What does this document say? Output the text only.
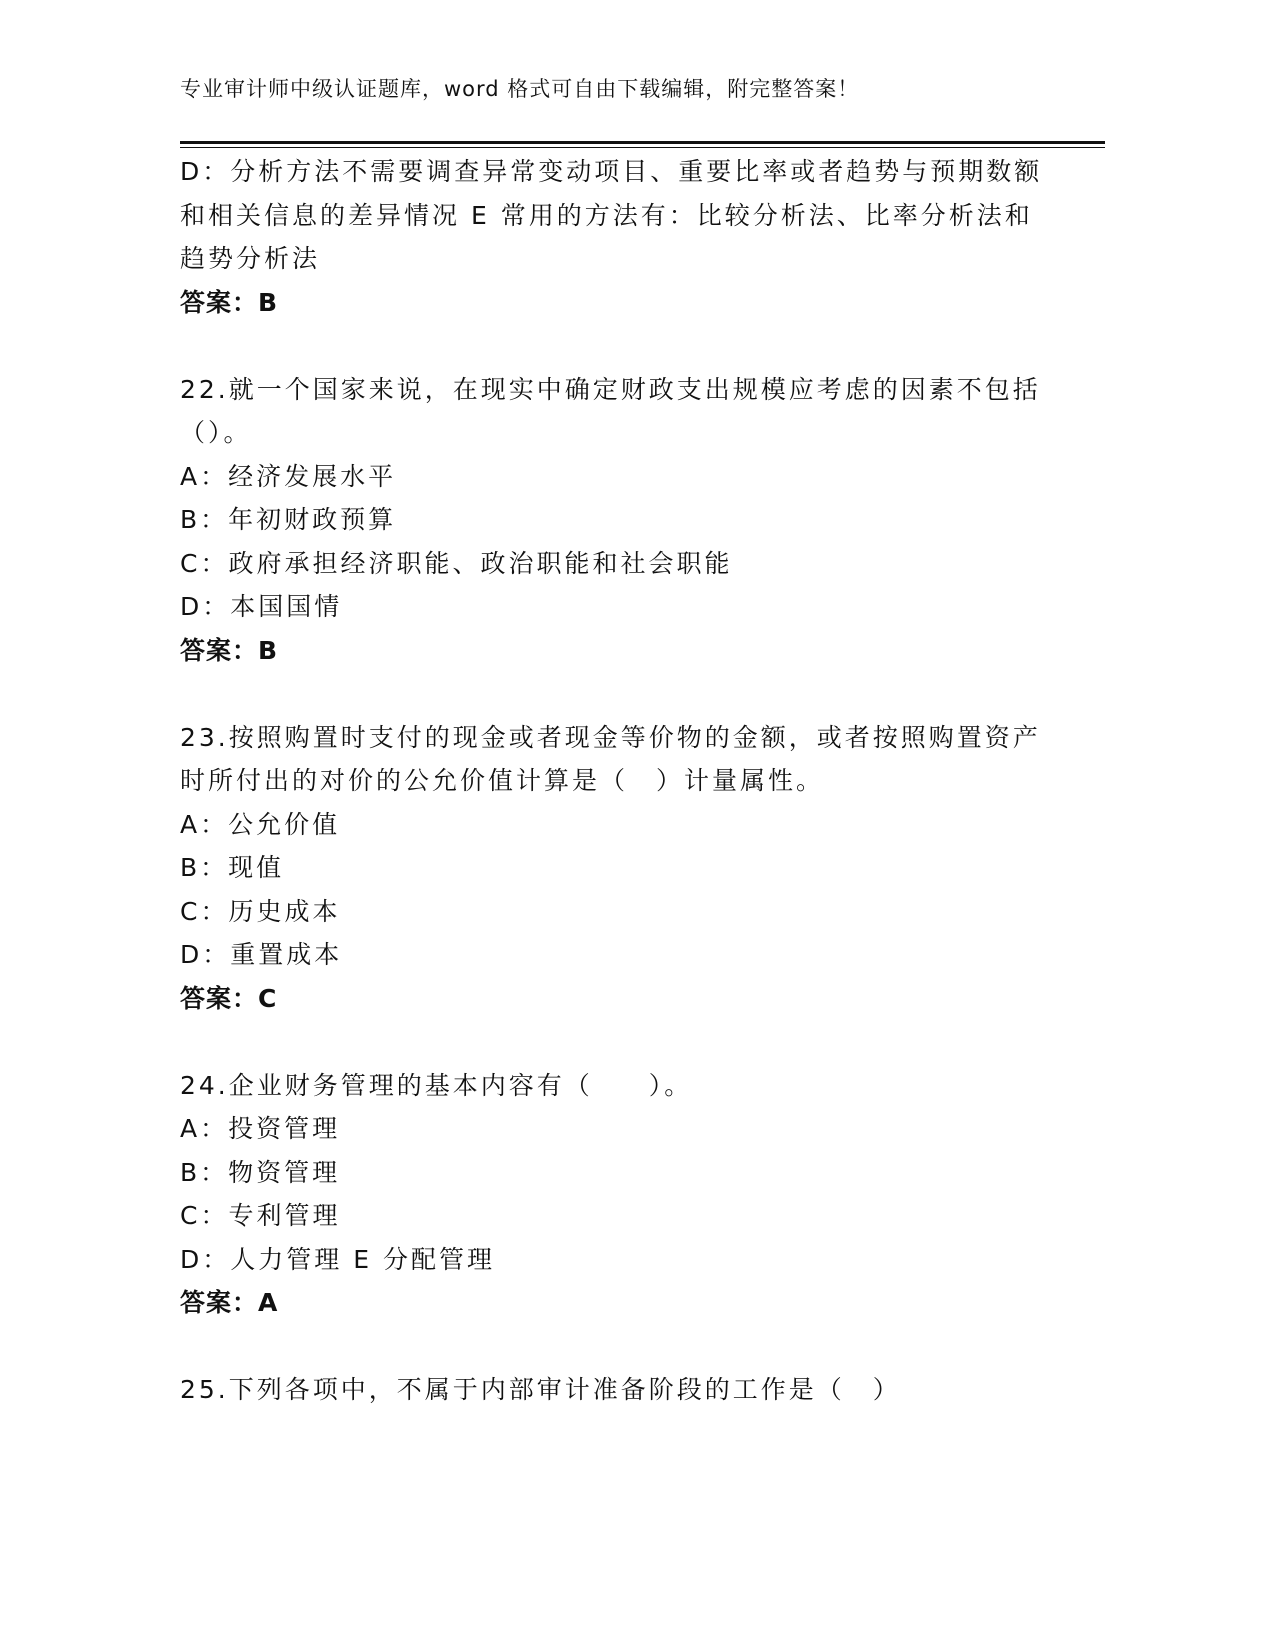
专业审计师中级认证题库，word 格式可自由下载编辑，附完整答案！
D：分析方法不需要调查异常变动项目、重要比率或者趋势与预期数额
和相关信息的差异情况 E 常用的方法有：比较分析法、比率分析法和
趋势分析法
答案：B
22.就一个国家来说，在现实中确定财政支出规模应考虑的因素不包括
（）。
A：经济发展水平
B：年初财政预算
C：政府承担经济职能、政治职能和社会职能
D：本国国情
答案：B
23.按照购置时支付的现金或者现金等价物的金额，或者按照购置资产
时所付出的对价的公允价值计算是（　）计量属性。
A：公允价值
B：现值
C：历史成本
D：重置成本
答案：C
24.企业财务管理的基本内容有（　　）。
A：投资管理
B：物资管理
C：专利管理
D：人力管理 E 分配管理
答案：A
25.下列各项中，不属于内部审计准备阶段的工作是（　）
